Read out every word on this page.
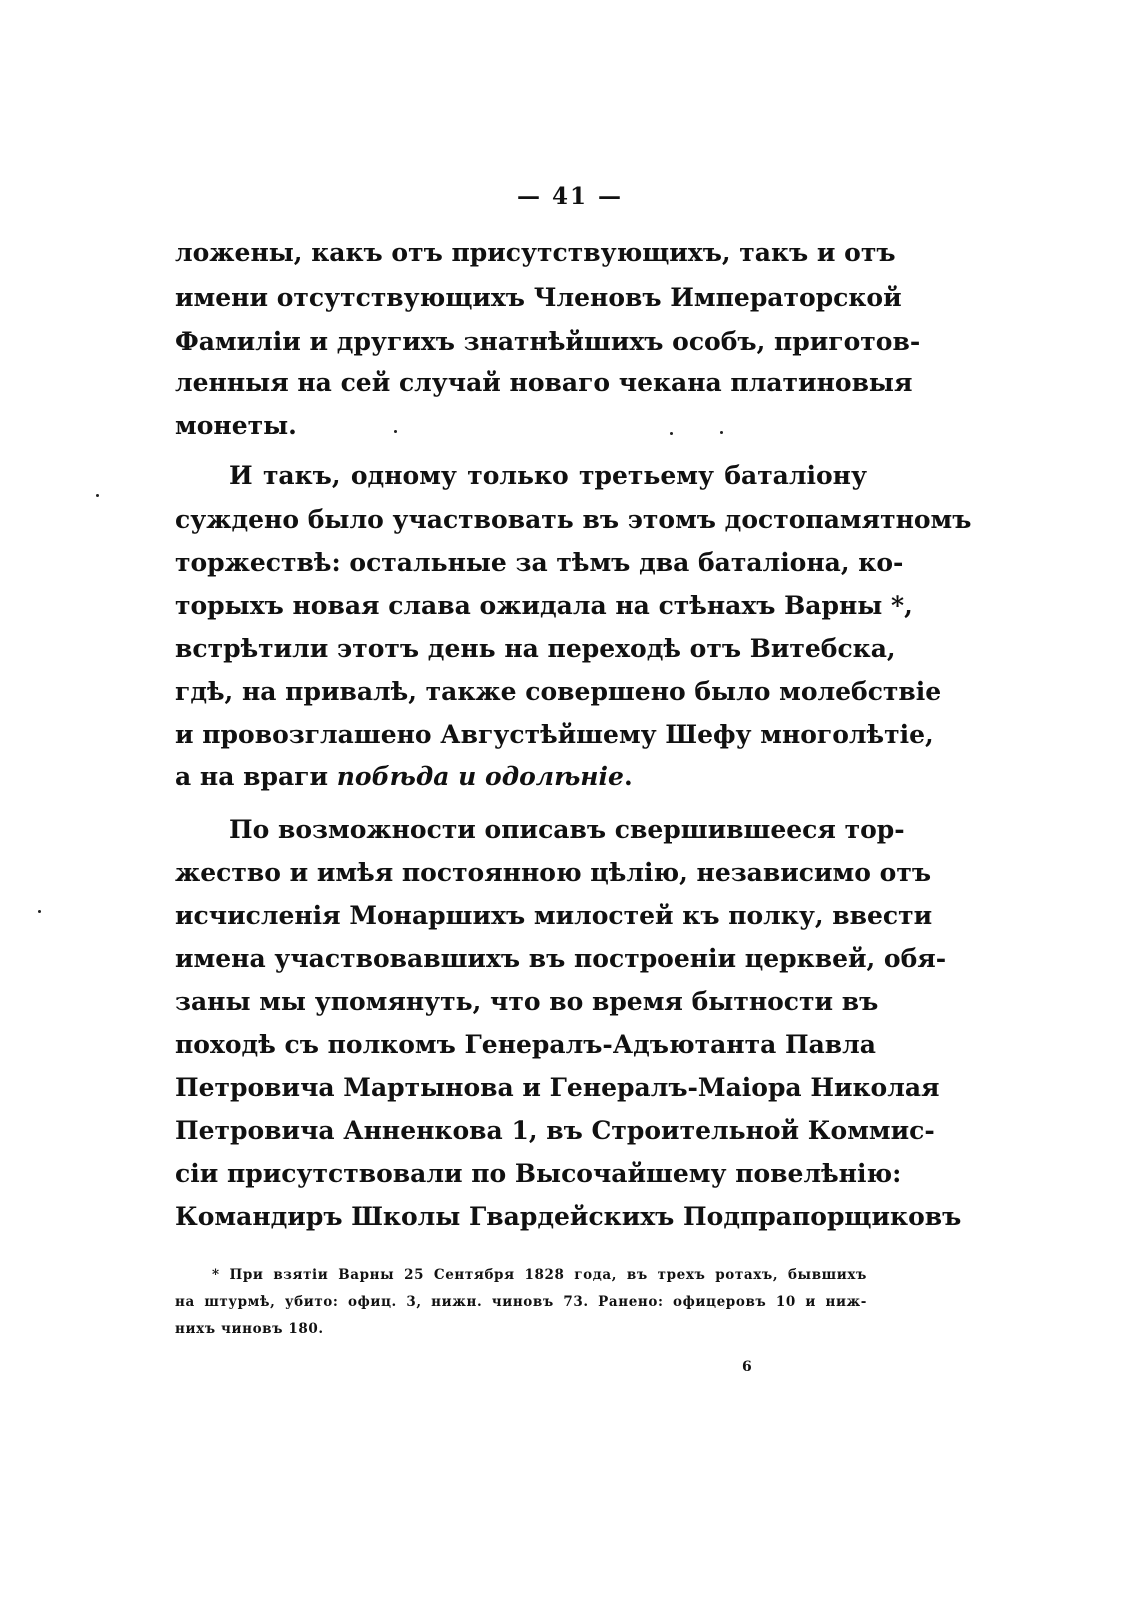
— 41 —
ложены, какъ отъ присутствующихъ, такъ и отъ
имени отсутствующихъ Членовъ Императорской
Фамиліи и другихъ знатнѣйшихъ особъ, приготов-
ленныя на сей случай новаго чекана платиновыя
монеты.
И такъ, одному только третьему баталіону
суждено было участвовать въ этомъ достопамятномъ
торжествѣ: остальные за тѣмъ два баталіона, ко-
торыхъ новая слава ожидала на стѣнахъ Варны *,
встрѣтили этотъ день на переходѣ отъ Витебска,
гдѣ, на привалѣ, также совершено было молебствіе
и провозглашено Августѣйшему Шефу многолѣтіе,
а на враги побѣда и одолѣніе.
По возможности описавъ свершившееся тор-
жество и имѣя постоянною цѣлію, независимо отъ
исчисленія Монаршихъ милостей къ полку, ввести
имена участвовавшихъ въ построеніи церквей, обя-
заны мы упомянуть, что во время бытности въ
походѣ съ полкомъ Генералъ-Адъютанта Павла
Петровича Мартынова и Генералъ-Маіора Николая
Петровича Анненкова 1, въ Строительной Коммис-
сіи присутствовали по Высочайшему повелѣнію:
Командиръ Школы Гвардейскихъ Подпрапорщиковъ
* При взятіи Варны 25 Сентября 1828 года, въ трехъ ротахъ, бывшихъ
на штурмѣ, убито: офиц. 3, нижн. чиновъ 73. Ранено: офицеровъ 10 и ниж-
нихъ чиновъ 180.
6
